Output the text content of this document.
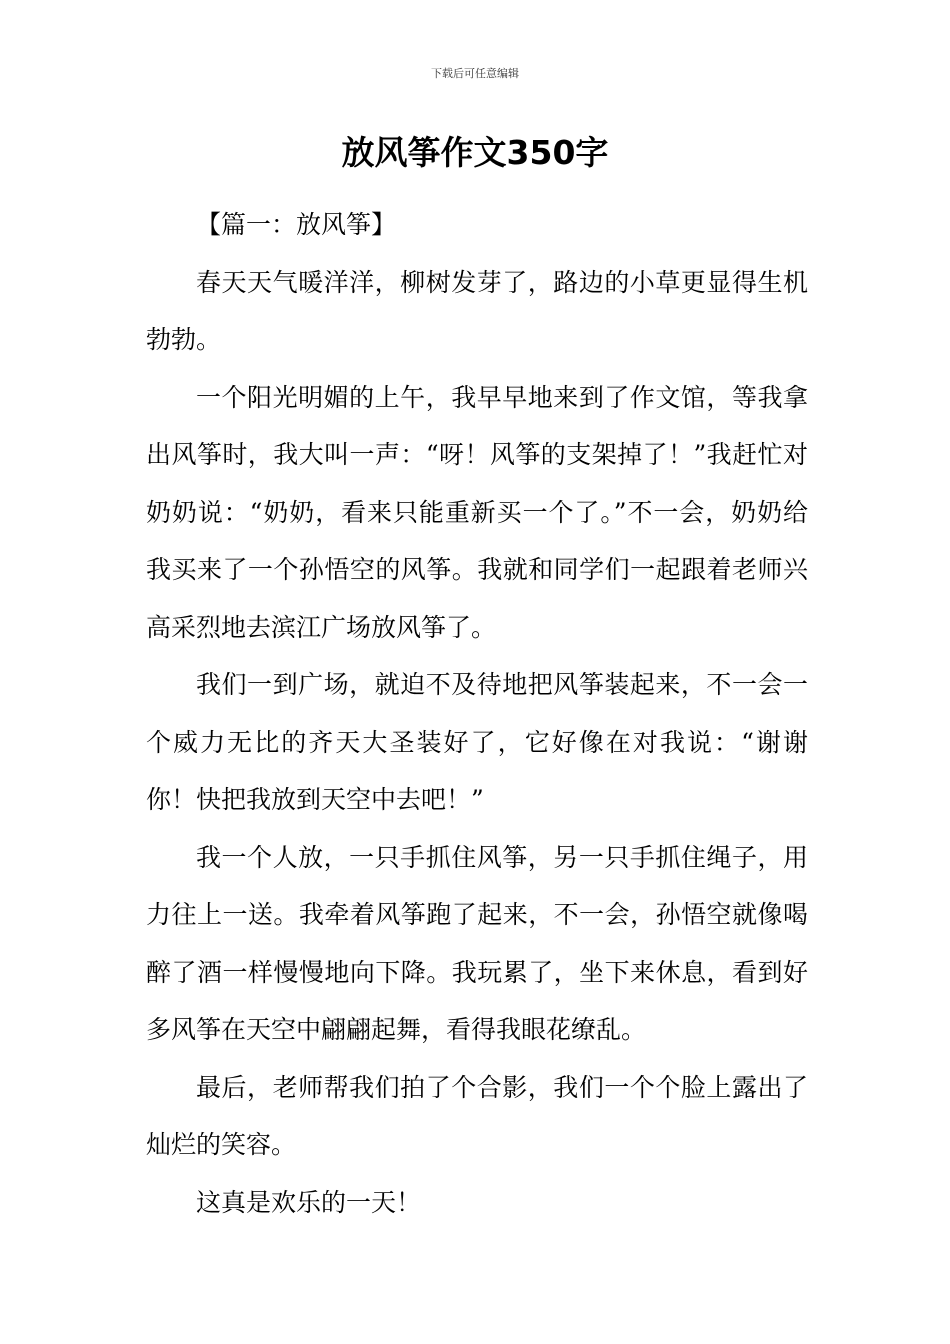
下载后可任意编辑
放风筝作文350字

【篇一：放风筝】

春天天气暖洋洋，柳树发芽了，路边的小草更显得生机勃勃。

一个阳光明媚的上午，我早早地来到了作文馆，等我拿出风筝时，我大叫一声：“呀！风筝的支架掉了！”我赶忙对奶奶说：“奶奶，看来只能重新买一个了。”不一会，奶奶给我买来了一个孙悟空的风筝。我就和同学们一起跟着老师兴高采烈地去滨江广场放风筝了。

我们一到广场，就迫不及待地把风筝装起来，不一会一个威力无比的齐天大圣装好了，它好像在对我说：“谢谢你！快把我放到天空中去吧！”

我一个人放，一只手抓住风筝，另一只手抓住绳子，用力往上一送。我牵着风筝跑了起来，不一会，孙悟空就像喝醉了酒一样慢慢地向下降。我玩累了，坐下来休息，看到好多风筝在天空中翩翩起舞，看得我眼花缭乱。

最后，老师帮我们拍了个合影，我们一个个脸上露出了灿烂的笑容。

这真是欢乐的一天！
